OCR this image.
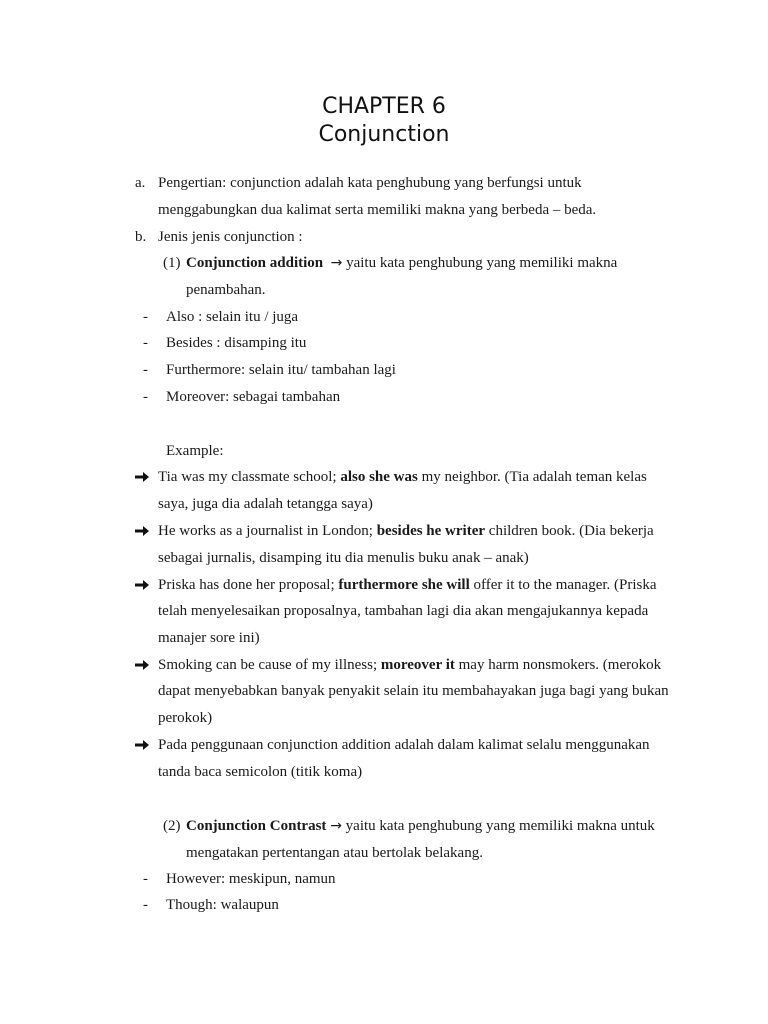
CHAPTER 6
Conjunction
a. Pengertian: conjunction adalah kata penghubung yang berfungsi untuk
menggabungkan dua kalimat serta memiliki makna yang berbeda – beda.
b. Jenis jenis conjunction :
(1) Conjunction addition → yaitu kata penghubung yang memiliki makna
penambahan.
- Also : selain itu / juga
- Besides : disamping itu
- Furthermore: selain itu/ tambahan lagi
- Moreover: sebagai tambahan
Example:
Tia was my classmate school; also she was my neighbor. (Tia adalah teman kelas
saya, juga dia adalah tetangga saya)
He works as a journalist in London; besides he writer children book. (Dia bekerja
sebagai jurnalis, disamping itu dia menulis buku anak – anak)
Priska has done her proposal; furthermore she will offer it to the manager. (Priska
telah menyelesaikan proposalnya, tambahan lagi dia akan mengajukannya kepada
manajer sore ini)
Smoking can be cause of my illness; moreover it may harm nonsmokers. (merokok
dapat menyebabkan banyak penyakit selain itu membahayakan juga bagi yang bukan
perokok)
Pada penggunaan conjunction addition adalah dalam kalimat selalu menggunakan
tanda baca semicolon (titik koma)
(2) Conjunction Contrast → yaitu kata penghubung yang memiliki makna untuk
mengatakan pertentangan atau bertolak belakang.
- However: meskipun, namun
- Though: walaupun
